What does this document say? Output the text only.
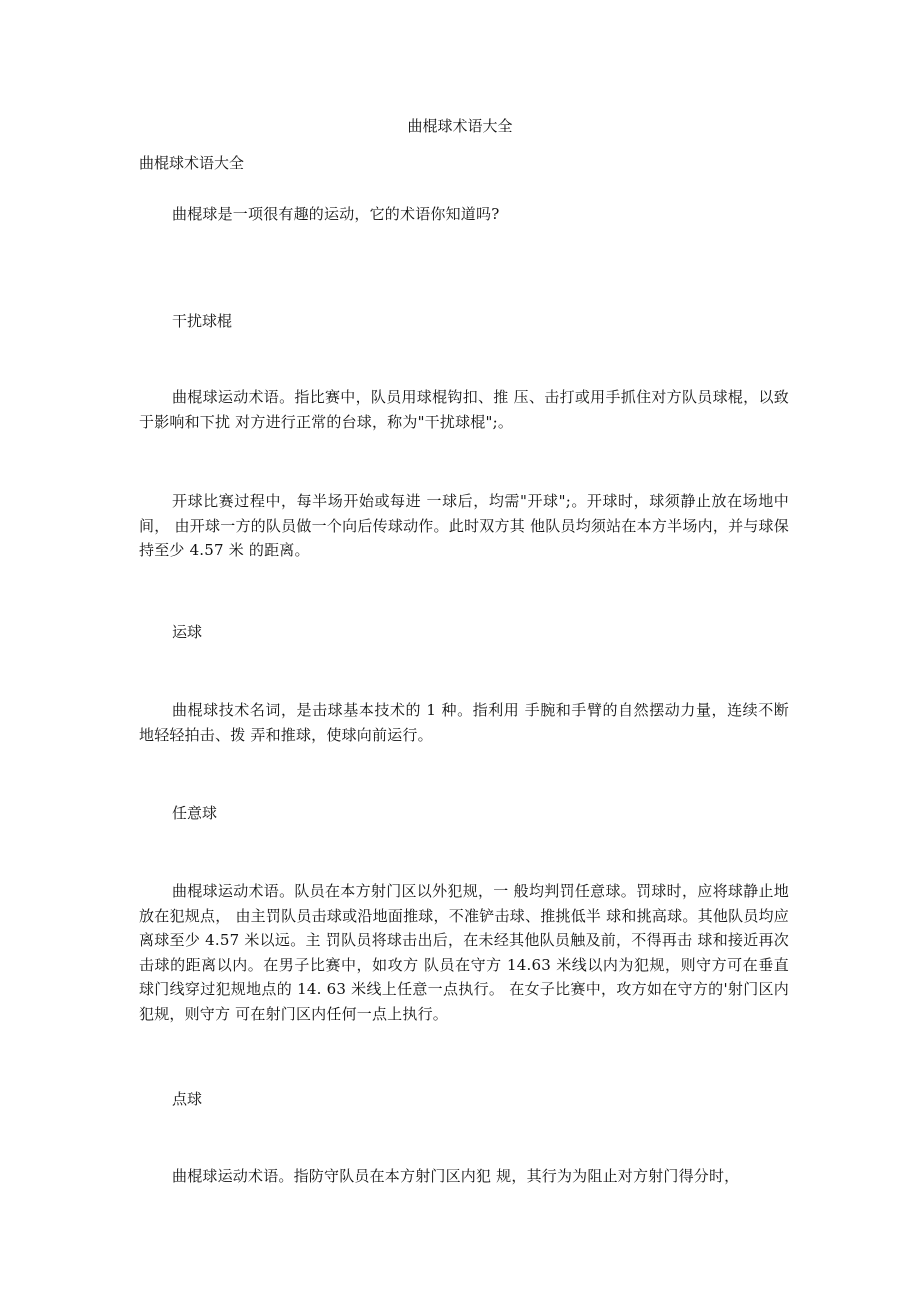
曲棍球术语大全
曲棍球术语大全
曲棍球是一项很有趣的运动，它的术语你知道吗?
干扰球棍
曲棍球运动术语。指比赛中，队员用球棍钩扣、推 压、击打或用手抓住对方队员球棍，以致于影响和下扰 对方进行正常的台球，称为"干扰球棍";。
开球比赛过程中，每半场开始或每进 一球后，均需"开球";。开球时，球须静止放在场地中间， 由开球一方的队员做一个向后传球动作。此时双方其 他队员均须站在本方半场内，并与球保持至少 4.57 米 的距离。
运球
曲棍球技术名词，是击球基本技术的 1 种。指利用 手腕和手臂的自然摆动力量，连续不断地轻轻拍击、拨 弄和推球，使球向前运行。
任意球
曲棍球运动术语。队员在本方射门区以外犯规，一 般均判罚任意球。罚球时，应将球静止地放在犯规点， 由主罚队员击球或沿地面推球，不准铲击球、推挑低半 球和挑高球。其他队员均应离球至少 4.57 米以远。主 罚队员将球击出后，在未经其他队员触及前，不得再击 球和接近再次击球的距离以内。在男子比赛中，如攻方 队员在守方 14.63 米线以内为犯规，则守方可在垂直 球门线穿过犯规地点的 14. 63 米线上任意一点执行。 在女子比赛中，攻方如在守方的'射门区内犯规，则守方 可在射门区内任何一点上执行。
点球
曲棍球运动术语。指防守队员在本方射门区内犯 规，其行为为阻止对方射门得分时，
